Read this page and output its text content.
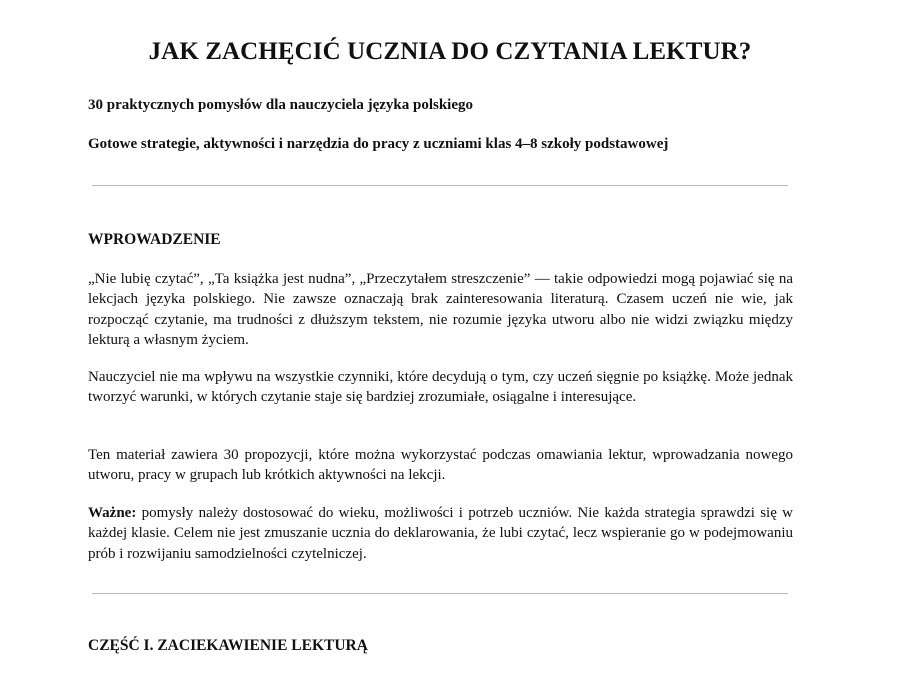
JAK ZACHĘCIĆ UCZNIA DO CZYTANIA LEKTUR?
30 praktycznych pomysłów dla nauczyciela języka polskiego
Gotowe strategie, aktywności i narzędzia do pracy z uczniami klas 4–8 szkoły podstawowej
WPROWADZENIE

„Nie lubię czytać”, „Ta książka jest nudna”, „Przeczytałem streszczenie” — takie odpowiedzi mogą pojawiać się na lekcjach języka polskiego. Nie zawsze oznaczają brak zainteresowania literaturą. Czasem uczeń nie wie, jak rozpocząć czytanie, ma trudności z dłuższym tekstem, nie rozumie języka utworu albo nie widzi związku między lekturą a własnym życiem.

Nauczyciel nie ma wpływu na wszystkie czynniki, które decydują o tym, czy uczeń sięgnie po książkę. Może jednak tworzyć warunki, w których czytanie staje się bardziej zrozumiałe, osiągalne i interesujące.

Ten materiał zawiera 30 propozycji, które można wykorzystać podczas omawiania lektur, wprowadzania nowego utworu, pracy w grupach lub krótkich aktywności na lekcji.

Ważne: pomysły należy dostosować do wieku, możliwości i potrzeb uczniów. Nie każda strategia sprawdzi się w każdej klasie. Celem nie jest zmuszanie ucznia do deklarowania, że lubi czytać, lecz wspieranie go w podejmowaniu prób i rozwijaniu samodzielności czytelniczej.

CZĘŚĆ I. ZACIEKAWIENIE LEKTURĄ
